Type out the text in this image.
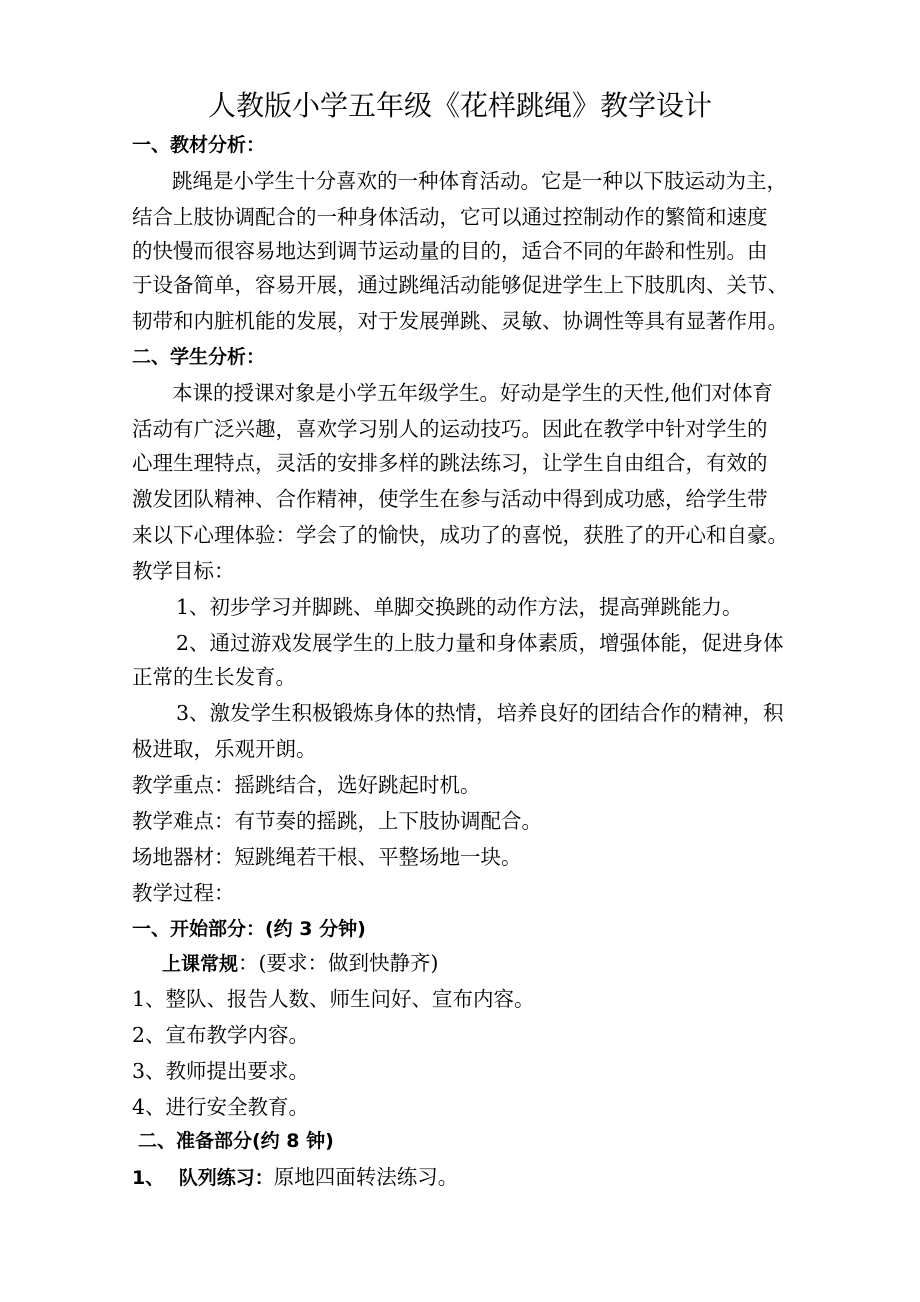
人教版小学五年级《花样跳绳》教学设计
一、教材分析：
跳绳是小学生十分喜欢的一种体育活动。它是一种以下肢运动为主，
结合上肢协调配合的一种身体活动，它可以通过控制动作的繁简和速度
的快慢而很容易地达到调节运动量的目的，适合不同的年龄和性别。由
于设备简单，容易开展，通过跳绳活动能够促进学生上下肢肌肉、关节、
韧带和内脏机能的发展，对于发展弹跳、灵敏、协调性等具有显著作用。
二、学生分析：
本课的授课对象是小学五年级学生。好动是学生的天性,他们对体育
活动有广泛兴趣，喜欢学习别人的运动技巧。因此在教学中针对学生的
心理生理特点，灵活的安排多样的跳法练习，让学生自由组合，有效的
激发团队精神、合作精神，使学生在参与活动中得到成功感，给学生带
来以下心理体验：学会了的愉快，成功了的喜悦，获胜了的开心和自豪。
教学目标：
1、初步学习并脚跳、单脚交换跳的动作方法，提高弹跳能力。
2、通过游戏发展学生的上肢力量和身体素质，增强体能，促进身体
正常的生长发育。
3、激发学生积极锻炼身体的热情，培养良好的团结合作的精神，积
极进取，乐观开朗。
教学重点：摇跳结合，选好跳起时机。
教学难点：有节奏的摇跳，上下肢协调配合。
场地器材：短跳绳若干根、平整场地一块。
教学过程：
一、开始部分：(约 3 分钟)
上课常规：(要求：做到快静齐)
1、整队、报告人数、师生问好、宣布内容。
2、宣布教学内容。
3、教师提出要求。
4、进行安全教育。
二、准备部分(约 8 钟)
1、 队列练习：原地四面转法练习。
